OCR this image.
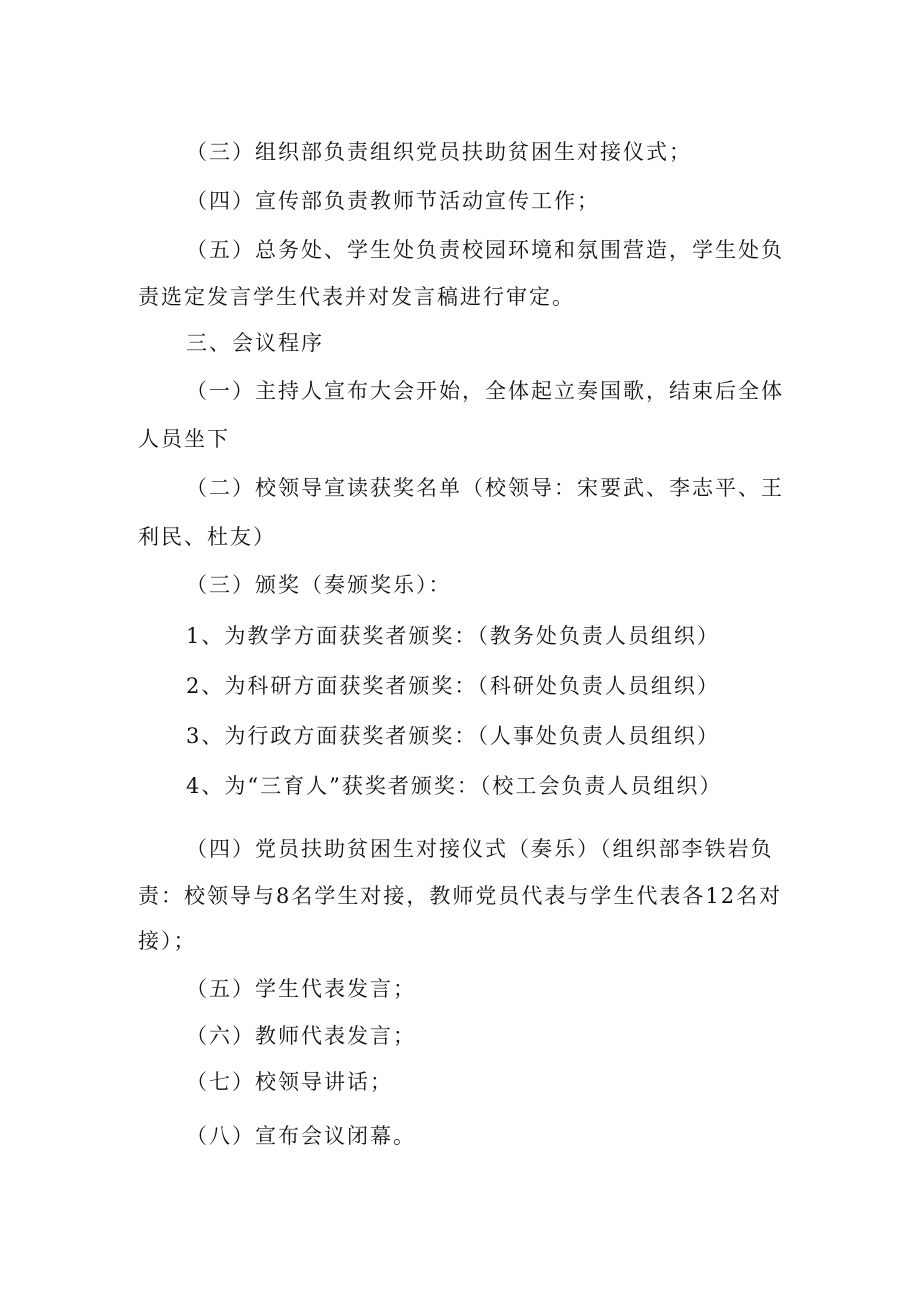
（三）组织部负责组织党员扶助贫困生对接仪式；
（四）宣传部负责教师节活动宣传工作；
（五）总务处、学生处负责校园环境和氛围营造，学生处负
责选定发言学生代表并对发言稿进行审定。
三、会议程序
（一）主持人宣布大会开始，全体起立奏国歌，结束后全体
人员坐下
（二）校领导宣读获奖名单（校领导：宋要武、李志平、王
利民、杜友）
（三）颁奖（奏颁奖乐）：
1、为教学方面获奖者颁奖：（教务处负责人员组织）
2、为科研方面获奖者颁奖：（科研处负责人员组织）
3、为行政方面获奖者颁奖：（人事处负责人员组织）
4、为“三育人”获奖者颁奖：（校工会负责人员组织）
（四）党员扶助贫困生对接仪式（奏乐）（组织部李铁岩负
责：校领导与8名学生对接，教师党员代表与学生代表各12名对
接）；
（五）学生代表发言；
（六）教师代表发言；
（七）校领导讲话；
（八）宣布会议闭幕。
